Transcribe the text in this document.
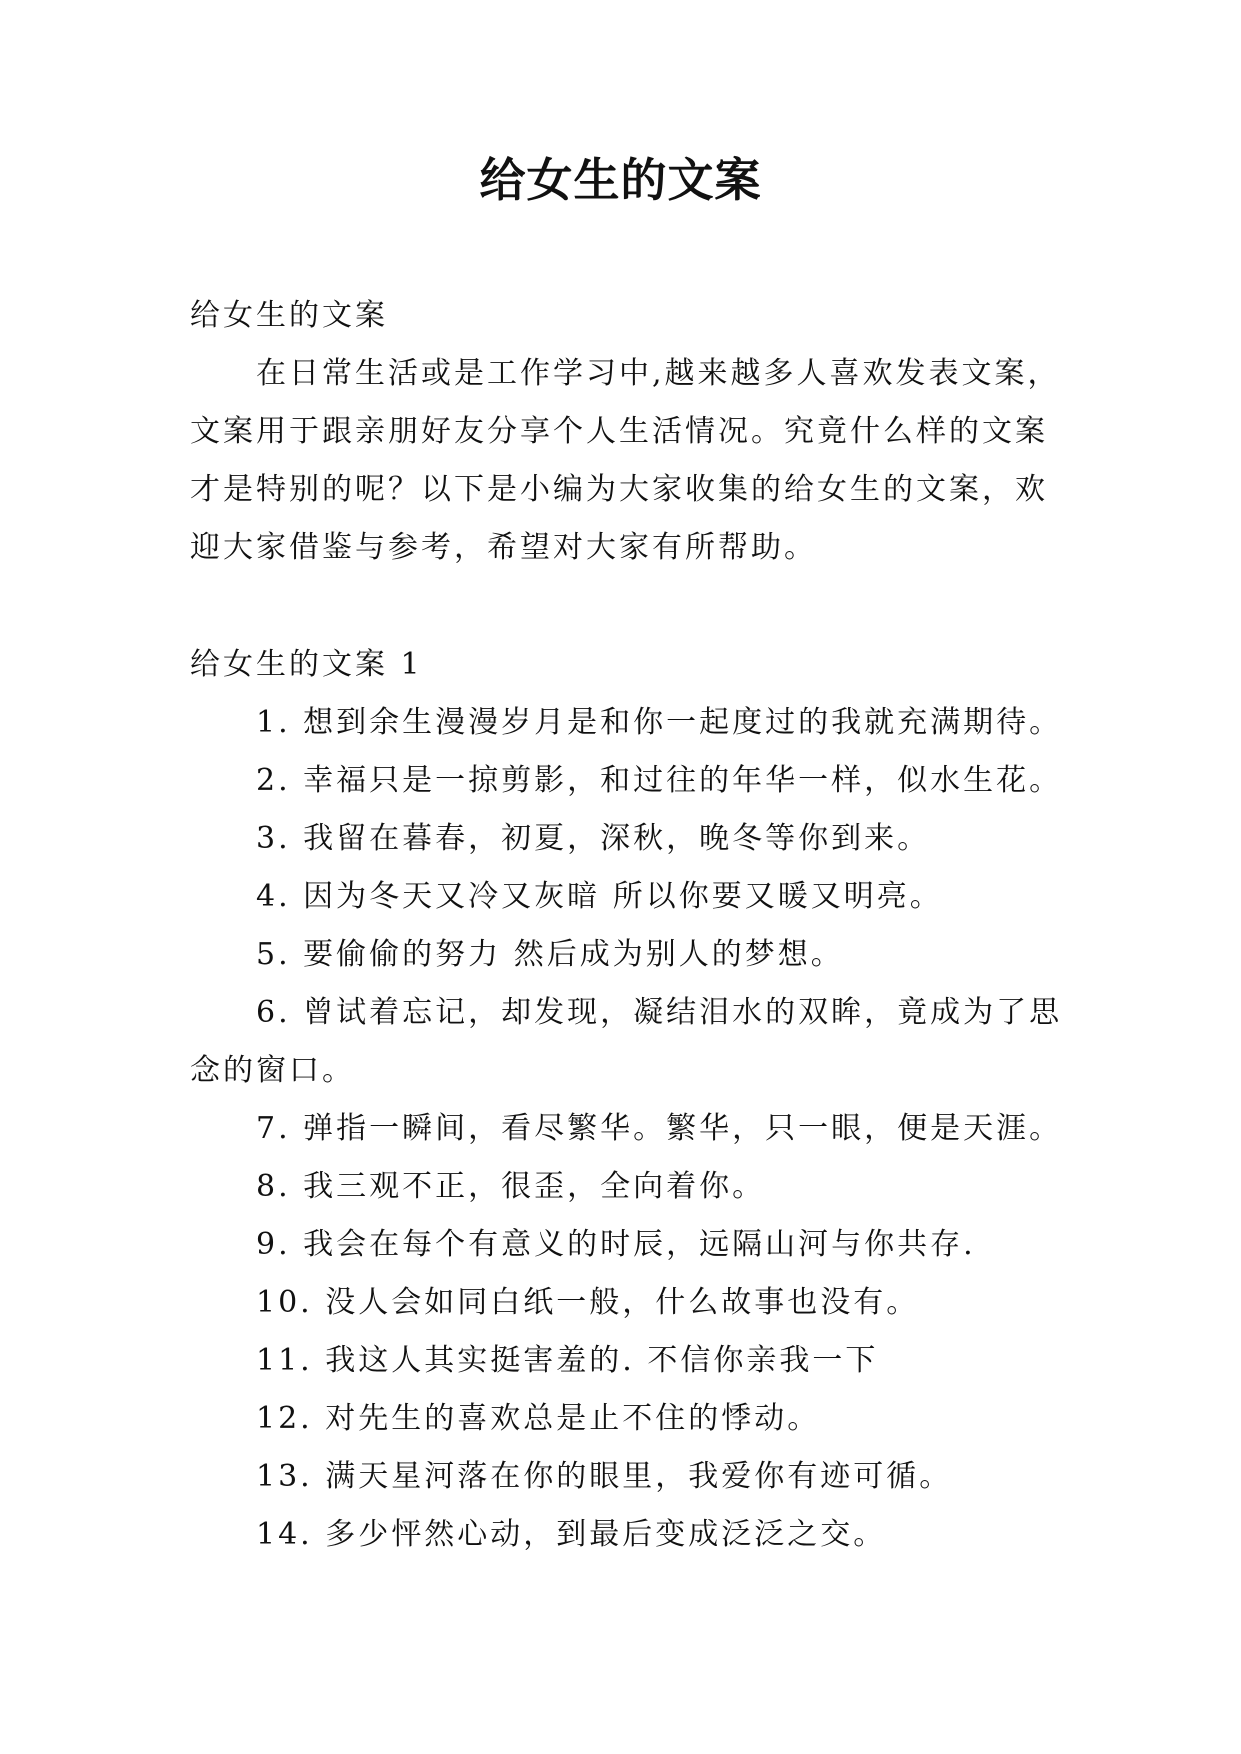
给女生的文案
给女生的文案
在日常生活或是工作学习中,越来越多人喜欢发表文案，
文案用于跟亲朋好友分享个人生活情况。究竟什么样的文案
才是特别的呢？以下是小编为大家收集的给女生的文案，欢
迎大家借鉴与参考，希望对大家有所帮助。
给女生的文案 1
1. 想到余生漫漫岁月是和你一起度过的我就充满期待。
2. 幸福只是一掠剪影，和过往的年华一样，似水生花。
3. 我留在暮春，初夏，深秋，晚冬等你到来。
4. 因为冬天又冷又灰暗 所以你要又暖又明亮。
5. 要偷偷的努力 然后成为别人的梦想。
6. 曾试着忘记，却发现，凝结泪水的双眸，竟成为了思
念的窗口。
7. 弹指一瞬间，看尽繁华。繁华，只一眼，便是天涯。
8. 我三观不正，很歪，全向着你。
9. 我会在每个有意义的时辰，远隔山河与你共存.
10. 没人会如同白纸一般，什么故事也没有。
11. 我这人其实挺害羞的. 不信你亲我一下
12. 对先生的喜欢总是止不住的悸动。
13. 满天星河落在你的眼里，我爱你有迹可循。
14. 多少怦然心动，到最后变成泛泛之交。
